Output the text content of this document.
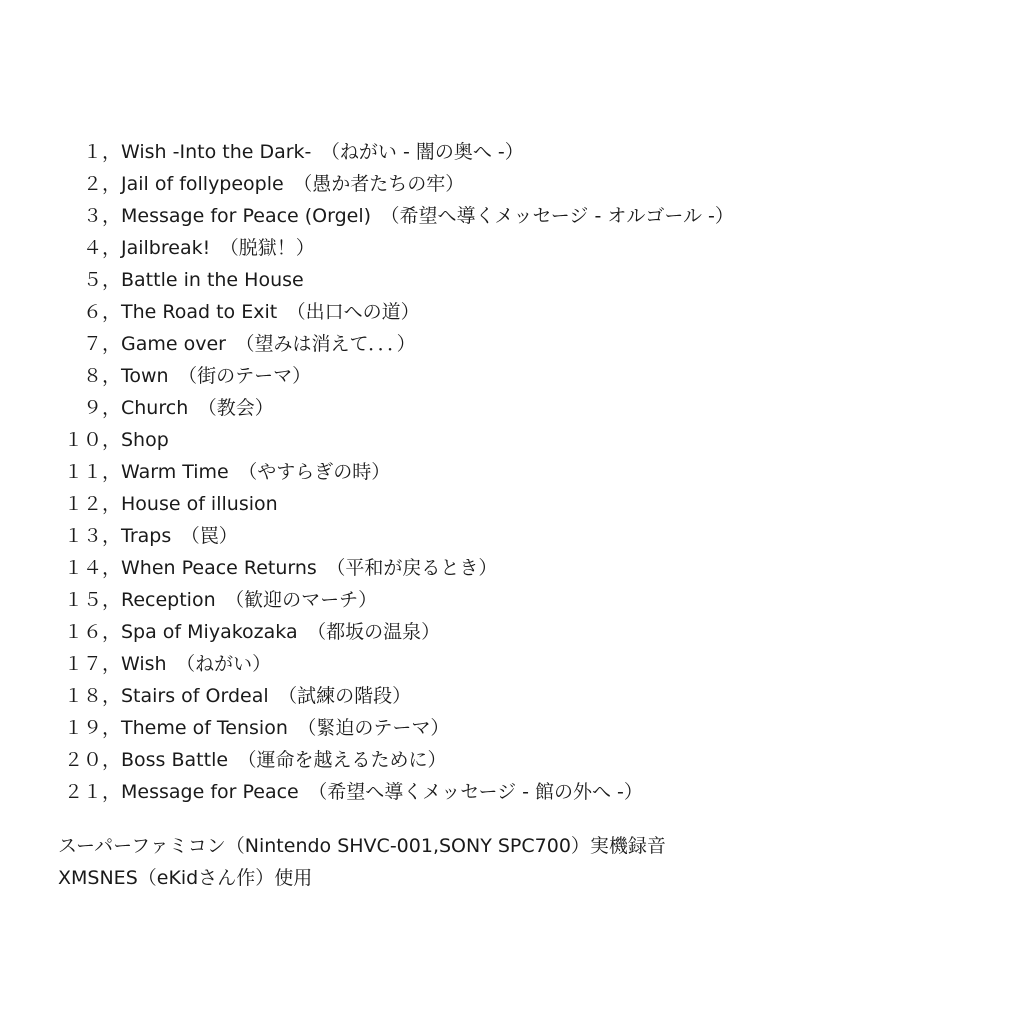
１， Wish -Into the Dark-　（ねがい - 闇の奥へ -）
２， Jail of follypeople　（愚か者たちの牢）
３， Message for Peace (Orgel)　（希望へ導くメッセージ - オルゴール -）
４， Jailbreak!　（脱獄！）
５， Battle in the House
６， The Road to Exit　（出口への道）
７， Game over　（望みは消えて．．．）
８， Town　（街のテーマ）
９， Church　（教会）
１０， Shop
１１， Warm Time　（やすらぎの時）
１２， House of illusion
１３， Traps　（罠）
１４， When Peace Returns　（平和が戻るとき）
１５， Reception　（歓迎のマーチ）
１６， Spa of Miyakozaka　（都坂の温泉）
１７， Wish　（ねがい）
１８， Stairs of Ordeal　（試練の階段）
１９， Theme of Tension　（緊迫のテーマ）
２０， Boss Battle　（運命を越えるために）
２１， Message for Peace　（希望へ導くメッセージ - 館の外へ -）
スーパーファミコン（Nintendo SHVC-001,SONY SPC700）実機録音
XMSNES（eKidさん作）使用
